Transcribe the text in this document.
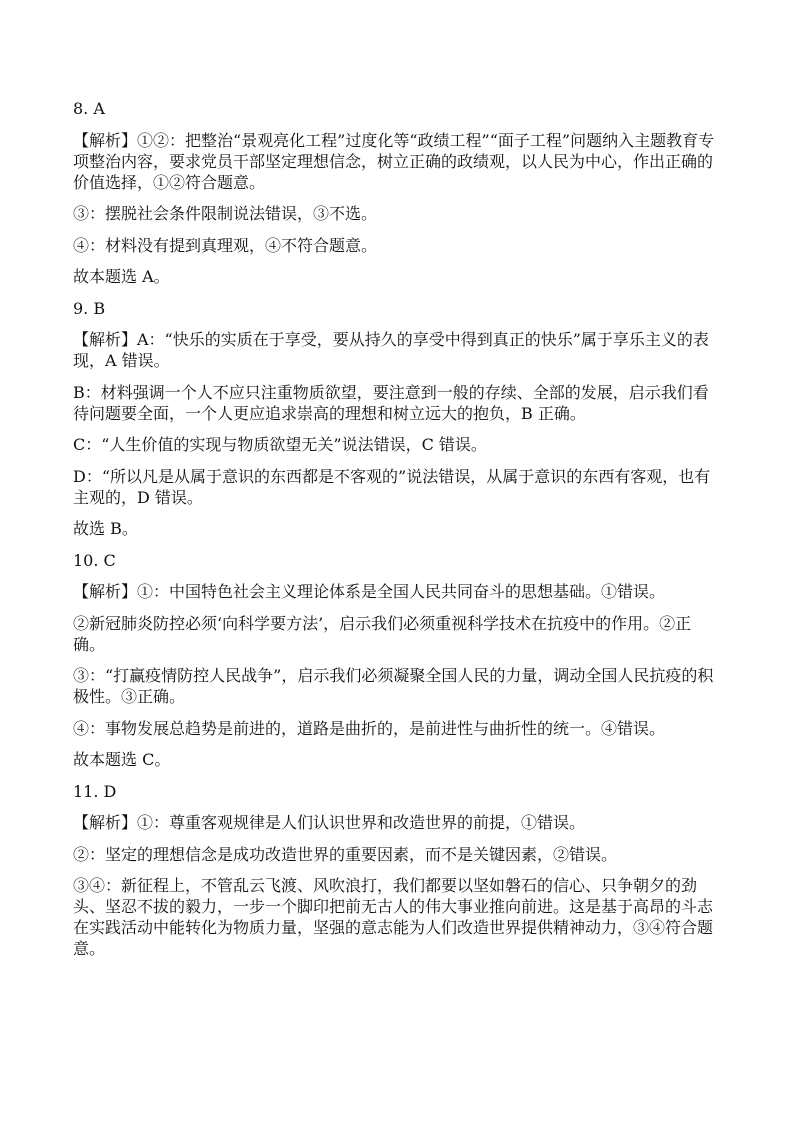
8. A

【解析】①②：把整治“景观亮化工程”过度化等“政绩工程”“面子工程”问题纳入主题教育专项整治内容，要求党员干部坚定理想信念，树立正确的政绩观，以人民为中心，作出正确的价值选择，①②符合题意。

③：摆脱社会条件限制说法错误，③不选。

④：材料没有提到真理观，④不符合题意。

故本题选 A。

9. B

【解析】A：“快乐的实质在于享受，要从持久的享受中得到真正的快乐”属于享乐主义的表现，A 错误。

B：材料强调一个人不应只注重物质欲望，要注意到一般的存续、全部的发展，启示我们看待问题要全面，一个人更应追求崇高的理想和树立远大的抱负，B 正确。

C：“人生价值的实现与物质欲望无关”说法错误，C 错误。

D：“所以凡是从属于意识的东西都是不客观的”说法错误，从属于意识的东西有客观，也有主观的，D 错误。

故选 B。

10. C

【解析】①：中国特色社会主义理论体系是全国人民共同奋斗的思想基础。①错误。

②新冠肺炎防控必须‘向科学要方法’，启示我们必须重视科学技术在抗疫中的作用。②正确。

③：“打赢疫情防控人民战争”，启示我们必须凝聚全国人民的力量，调动全国人民抗疫的积极性。③正确。

④：事物发展总趋势是前进的，道路是曲折的，是前进性与曲折性的统一。④错误。

故本题选 C。

11. D

【解析】①：尊重客观规律是人们认识世界和改造世界的前提，①错误。

②：坚定的理想信念是成功改造世界的重要因素，而不是关键因素，②错误。

③④：新征程上，不管乱云飞渡、风吹浪打，我们都要以坚如磐石的信心、只争朝夕的劲头、坚忍不拔的毅力，一步一个脚印把前无古人的伟大事业推向前进。这是基于高昂的斗志在实践活动中能转化为物质力量，坚强的意志能为人们改造世界提供精神动力，③④符合题意。
